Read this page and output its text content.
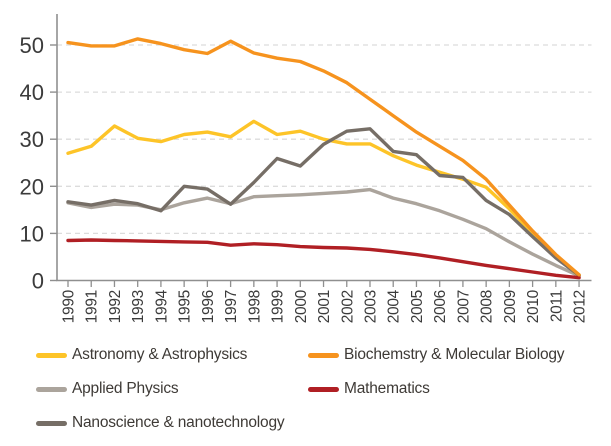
0
10
20
30
40
50
1990 1991 1992 1993 1994 1995 1996 1997 1998 1999 2000 2001 2002 2003 2004 2005 2006 2007 2008 2009 2010 2011 2012
Astronomy & Astrophysics	Biochemstry & Molecular Biology
Applied Physics	Mathematics
Nanoscience & nanotechnology
